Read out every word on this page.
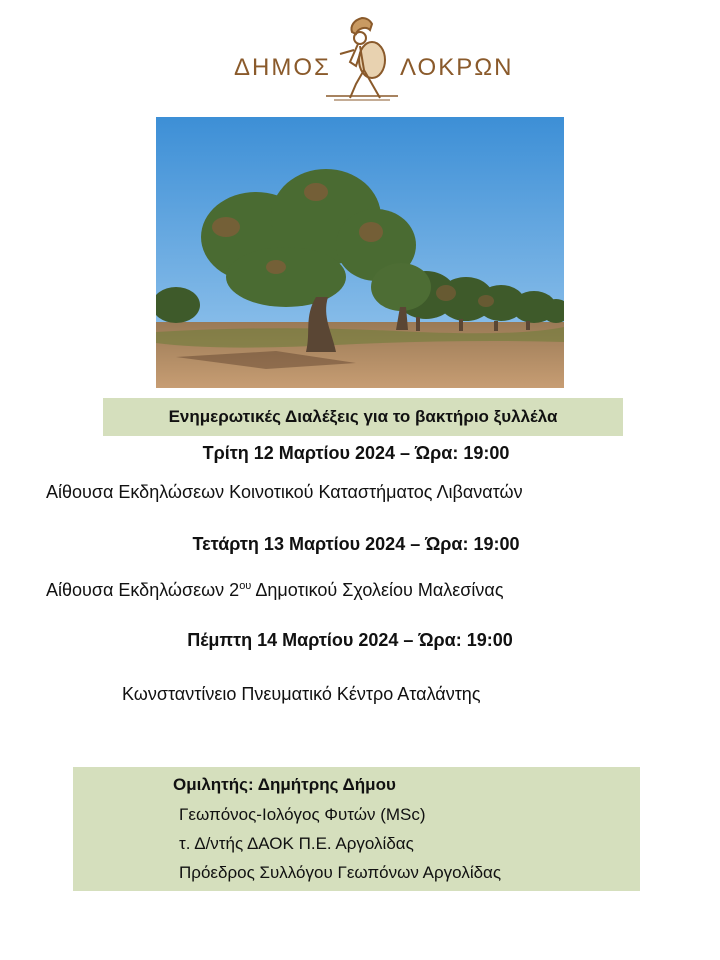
ΔΗΜΟΣ	ΛΟΚΡΩΝ
Ενημερωτικές Διαλέξεις για το βακτήριο ξυλλέλα
Τρίτη 12 Μαρτίου 2024 – Ώρα: 19:00
Αίθουσα Εκδηλώσεων Κοινοτικού Καταστήματος Λιβανατών
Τετάρτη 13 Μαρτίου 2024 – Ώρα: 19:00
Αίθουσα Εκδηλώσεων $2^{o\upsilon}$ Δημοτικού Σχολείου Μαλεσίνας
Πέμπτη 14 Μαρτίου 2024 – Ώρα: 19:00
Κωνσταντίνειο Πνευματικό Κέντρο Αταλάντης
Ομιλητής: Δημήτρης Δήμου
Γεωπόνος-Ιολόγος Φυτών (MSc)
τ. Δ/ντής ΔΑΟΚ Π.Ε. Αργολίδας
Πρόεδρος Συλλόγου Γεωπόνων Αργολίδας
